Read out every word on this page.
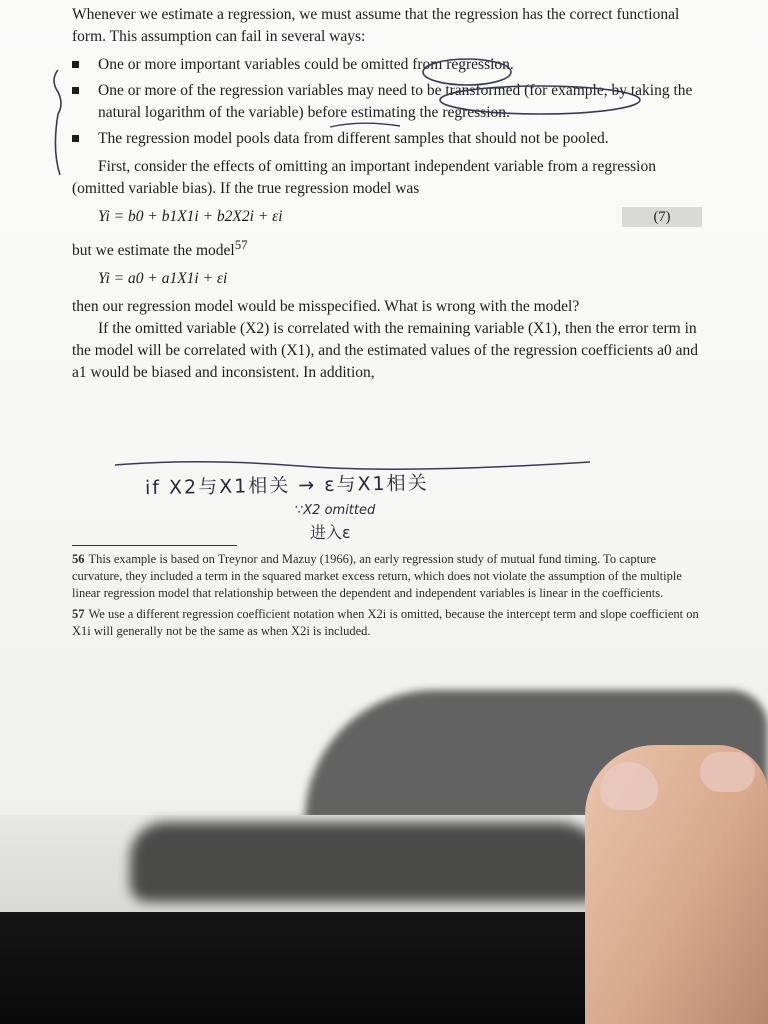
Whenever we estimate a regression, we must assume that the regression has the correct functional form. This assumption can fail in several ways:

One or more important variables could be omitted from regression.
One or more of the regression variables may need to be transformed (for example, by taking the natural logarithm of the variable) before estimating the regression.
The regression model pools data from different samples that should not be pooled.

First, consider the effects of omitting an important independent variable from a regression (omitted variable bias). If the true regression model was

Yi = b0 + b1X1i + b2X2i + εi	(7)

but we estimate the model$^{57}$

Yi = a0 + a1X1i + εi

then our regression model would be misspecified. What is wrong with the model?

If the omitted variable (X2) is correlated with the remaining variable (X1), then the error term in the model will be correlated with (X1), and the estimated values of the regression coefficients a0 and a1 would be biased and inconsistent. In addition,

if X2与X1相关 → ε与X1相关
∵X2 omitted
进入ε

56 This example is based on Treynor and Mazuy (1966), an early regression study of mutual fund timing. To capture curvature, they included a term in the squared market excess return, which does not violate the assumption of the multiple linear regression model that relationship between the dependent and independent variables is linear in the coefficients.

57 We use a different regression coefficient notation when X2i is omitted, because the intercept term and slope coefficient on X1i will generally not be the same as when X2i is included.
